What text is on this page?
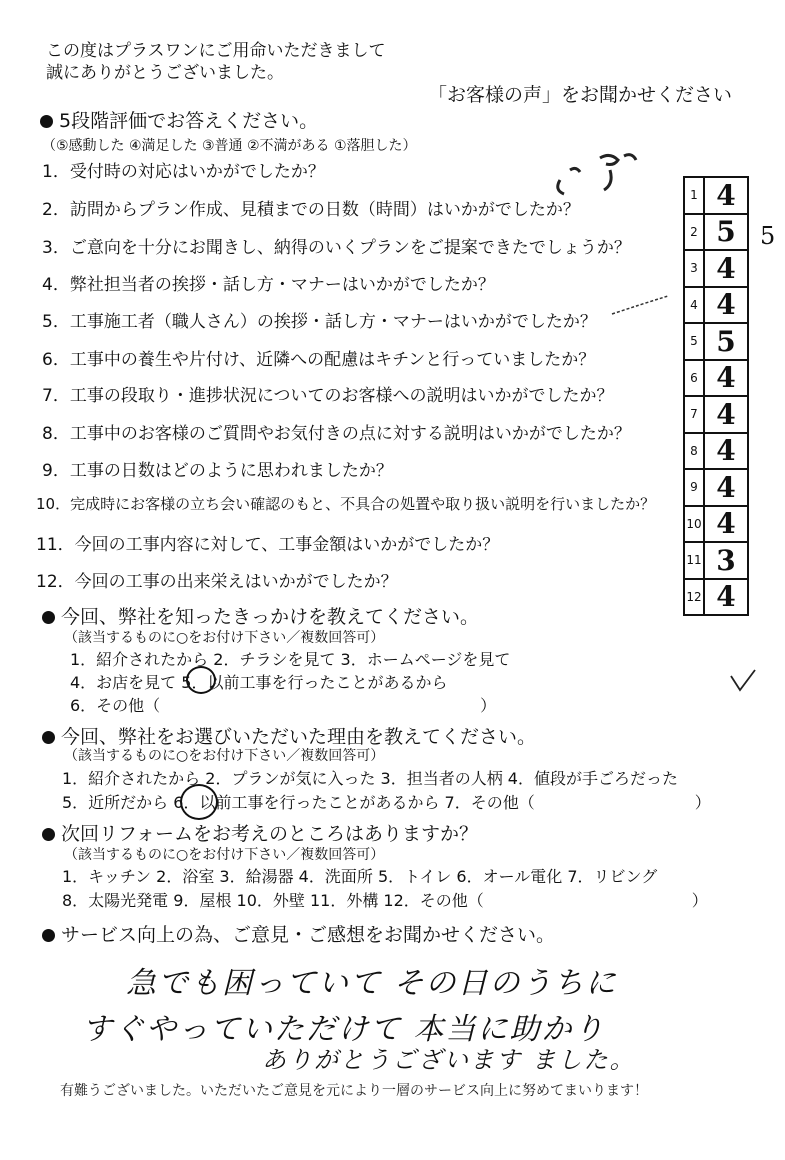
この度はプラスワンにご用命いただきまして
誠にありがとうございました。
「お客様の声」をお聞かせください
5段階評価でお答えください。
（⑤感動した ④満足した ③普通 ②不満がある ①落胆した）
1．受付時の対応はいかがでしたか？
2．訪問からプラン作成、見積までの日数（時間）はいかがでしたか？
3．ご意向を十分にお聞きし、納得のいくプランをご提案できたでしょうか？
4．弊社担当者の挨拶・話し方・マナーはいかがでしたか？
5．工事施工者（職人さん）の挨拶・話し方・マナーはいかがでしたか？
6．工事中の養生や片付け、近隣への配慮はキチンと行っていましたか？
7．工事の段取り・進捗状況についてのお客様への説明はいかがでしたか？
8．工事中のお客様のご質問やお気付きの点に対する説明はいかがでしたか？
9．工事の日数はどのように思われましたか？
10．完成時にお客様の立ち会い確認のもと、不具合の処置や取り扱い説明を行いましたか？
11．今回の工事内容に対して、工事金額はいかがでしたか？
12．今回の工事の出来栄えはいかがでしたか？
1	4
2	5
3	4
4	4
5	5
6	4
7	4
8	4
9	4
10	4
11	3
12	4
5
今回、弊社を知ったきっかけを教えてください。
（該当するものに○をお付け下さい／複数回答可）
1．紹介されたから 2．チラシを見て 3．ホームページを見て
4．お店を見て 5．以前工事を行ったことがあるから
6．その他（　　　　　　　　　　　　　　　　　　　　）
今回、弊社をお選びいただいた理由を教えてください。
（該当するものに○をお付け下さい／複数回答可）
1．紹介されたから 2．プランが気に入った 3．担当者の人柄 4．値段が手ごろだった
5．近所だから 6．以前工事を行ったことがあるから 7．その他（　　　　　　　　　　）
次回リフォームをお考えのところはありますか？
（該当するものに○をお付け下さい／複数回答可）
1．キッチン 2．浴室 3．給湯器 4．洗面所 5．トイレ 6．オール電化 7．リビング
8．太陽光発電 9．屋根 10．外壁 11．外構 12．その他（　　　　　　　　　　　　　）
サービス向上の為、ご意見・ご感想をお聞かせください。
急でも困っていて その日のうちに
すぐやっていただけて 本当に助かり
ありがとうございます ました。
有難うございました。いただいたご意見を元により一層のサービス向上に努めてまいります！
